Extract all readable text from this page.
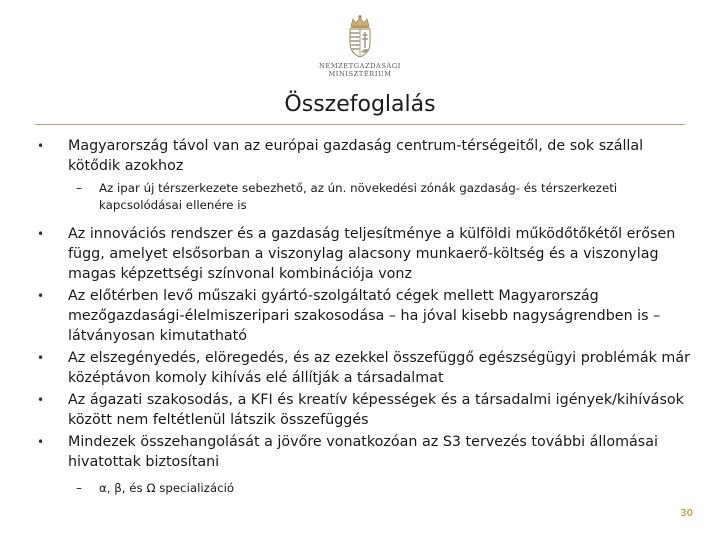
NEMZETGAZDASÁGI
MINISZTÉRIUM
Összefoglalás
• Magyarország távol van az európai gazdaság centrum-térségeitől, de sok szállal kötődik azokhoz
– Az ipar új térszerkezete sebezhető, az ún. növekedési zónák gazdaság- és térszerkezeti kapcsolódásai ellenére is
• Az innovációs rendszer és a gazdaság teljesítménye a külföldi működőtőkétől erősen függ, amelyet elsősorban a viszonylag alacsony munkaerő-költség és a viszonylag magas képzettségi színvonal kombinációja vonz
• Az előtérben levő műszaki gyártó-szolgáltató cégek mellett Magyarország mezőgazdasági-élelmiszeripari szakosodása – ha jóval kisebb nagyságrendben is – látványosan kimutatható
• Az elszegényedés, elöregedés, és az ezekkel összefüggő egészségügyi problémák már középtávon komoly kihívás elé állítják a társadalmat
• Az ágazati szakosodás, a KFI és kreatív képességek és a társadalmi igények/kihívások között nem feltétlenül látszik összefüggés
• Mindezek összehangolását a jövőre vonatkozóan az S3 tervezés további állomásai hivatottak biztosítani
– α, β, és Ω specializáció
30
